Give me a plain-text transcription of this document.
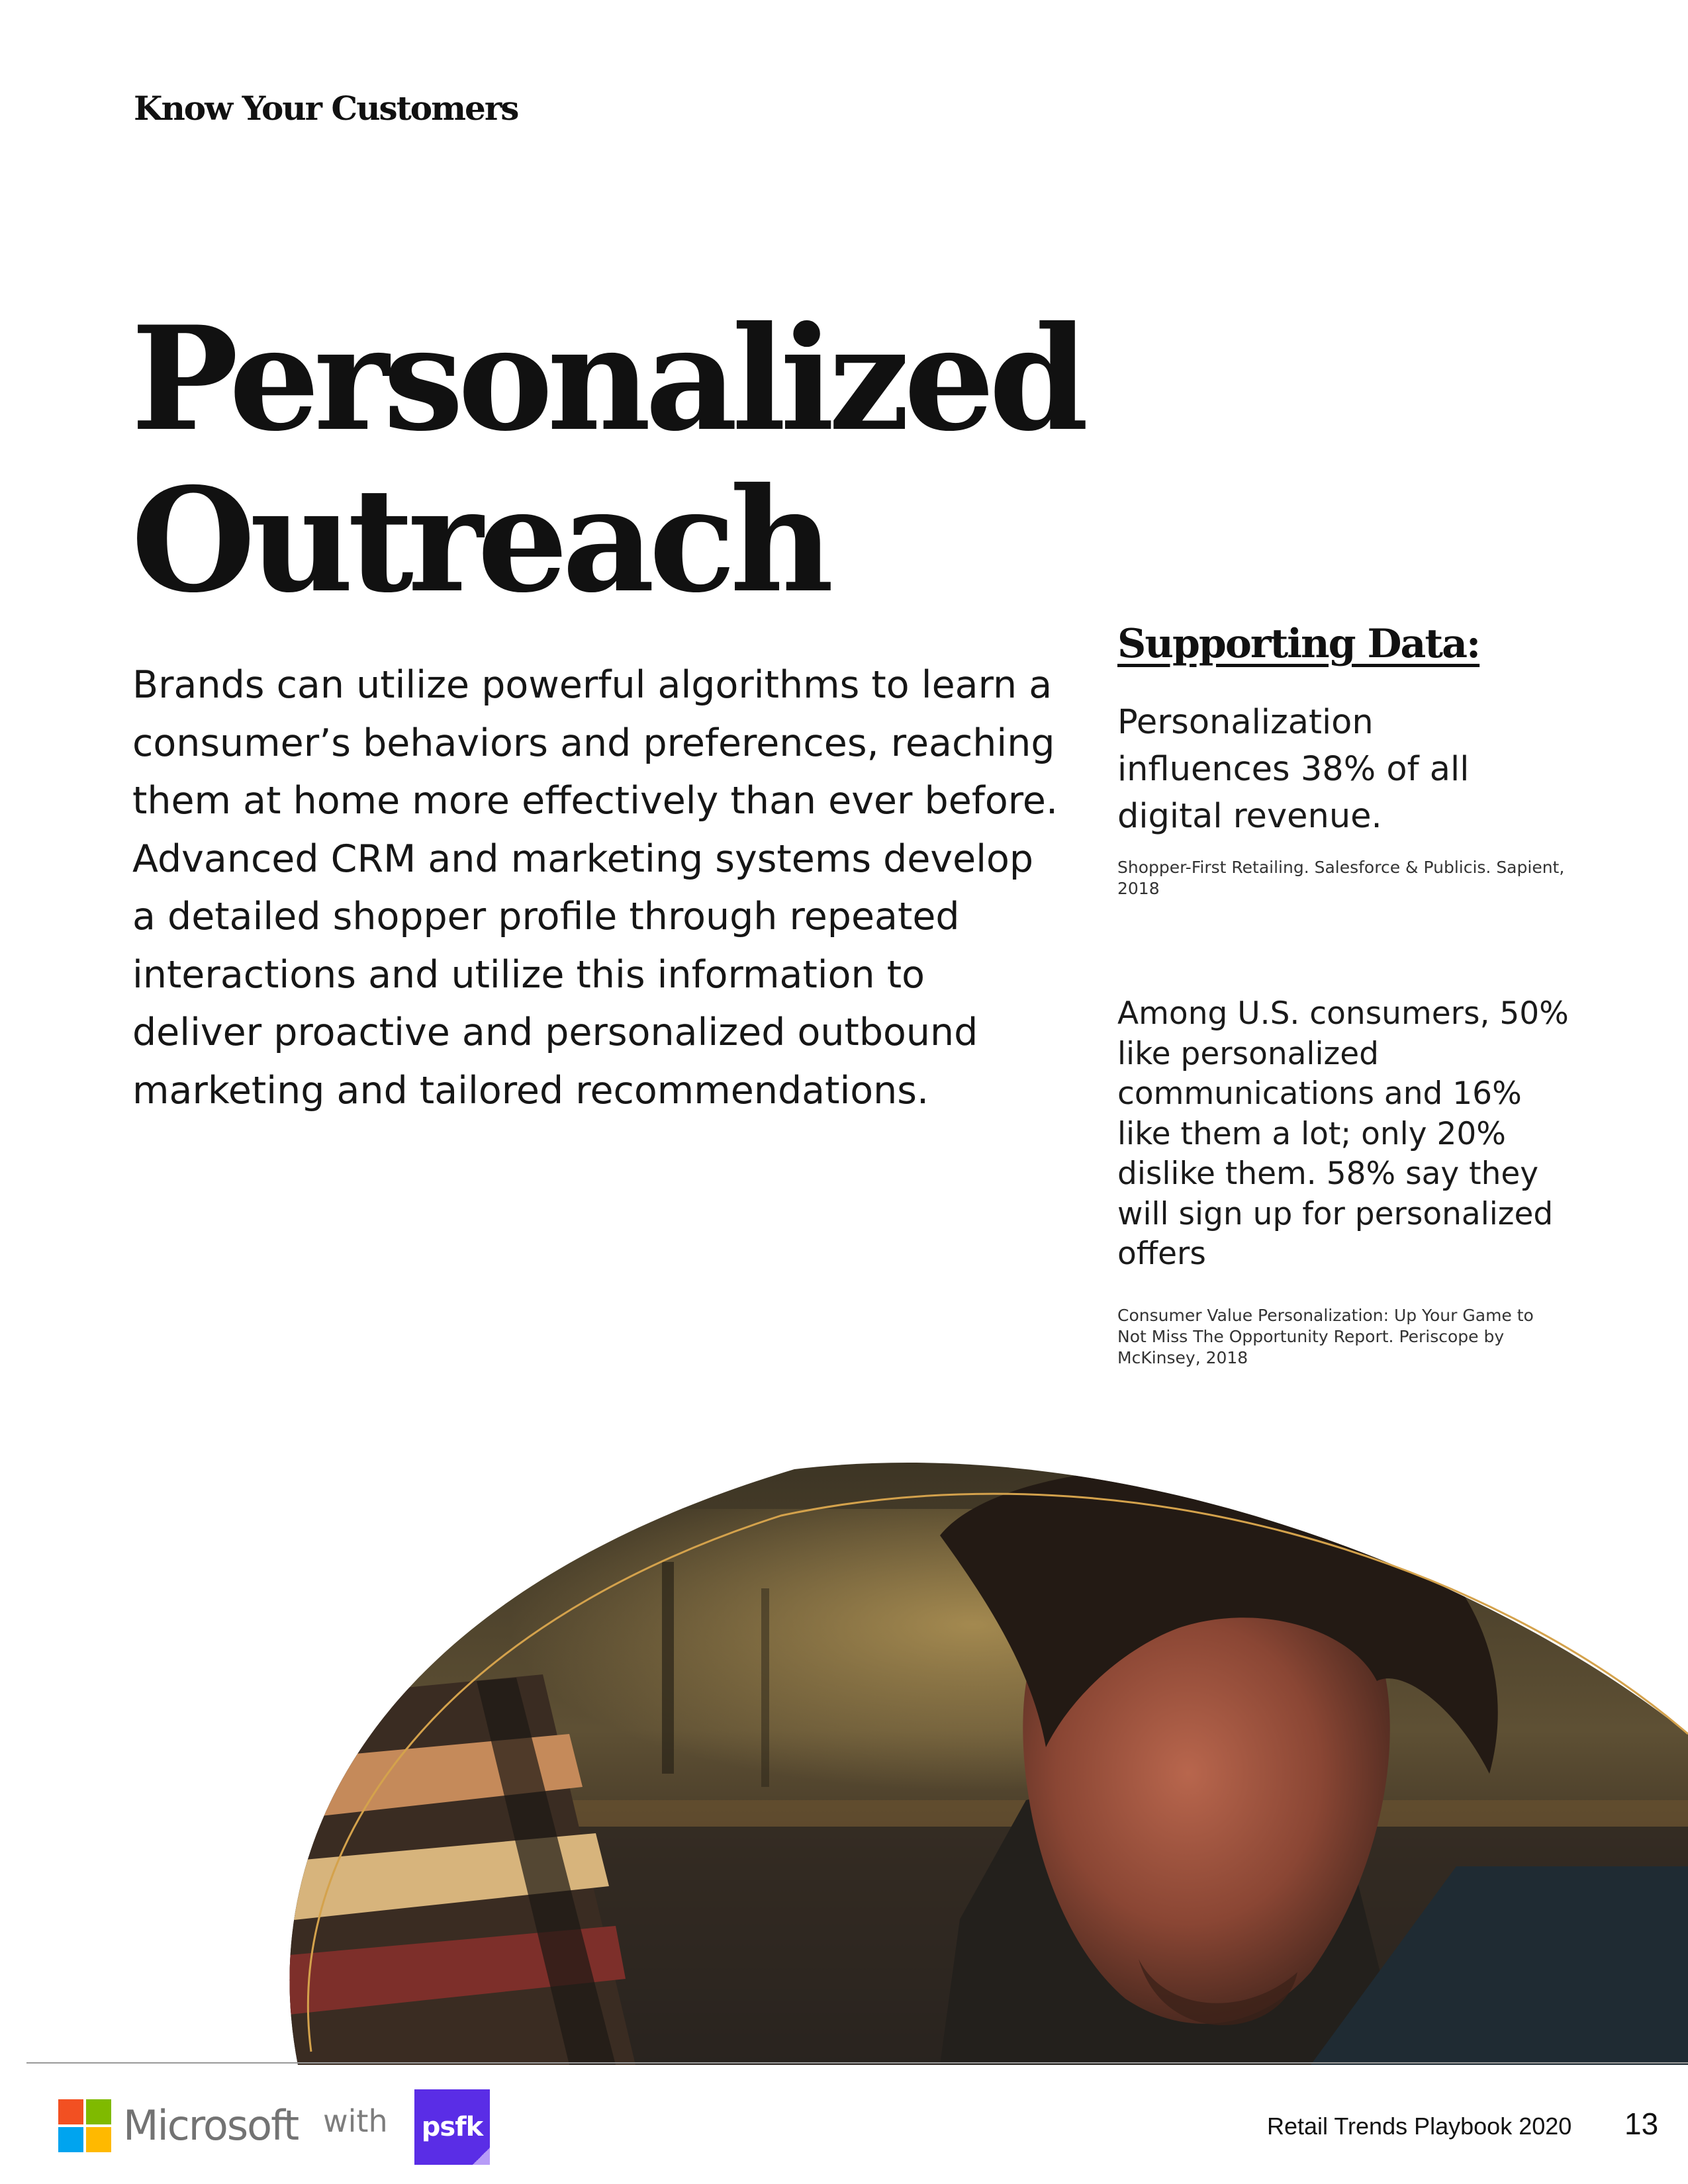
Know Your Customers
Personalized
Outreach

Brands can utilize powerful algorithms to learn a consumer’s behaviors and preferences, reaching them at home more effectively than ever before. Advanced CRM and marketing systems develop a detailed shopper profile through repeated interactions and utilize this information to deliver proactive and personalized outbound marketing and tailored recommendations.

Supporting Data:

Personalization influences 38% of all digital revenue.

Shopper-First Retailing. Salesforce & Publicis. Sapient, 2018

Among U.S. consumers, 50% like personalized communications and 16% like them a lot; only 20% dislike them. 58% say they will sign up for personalized offers

Consumer Value Personalization: Up Your Game to Not Miss The Opportunity Report. Periscope by McKinsey, 2018

Microsoft with psfk	Retail Trends Playbook 2020 13
